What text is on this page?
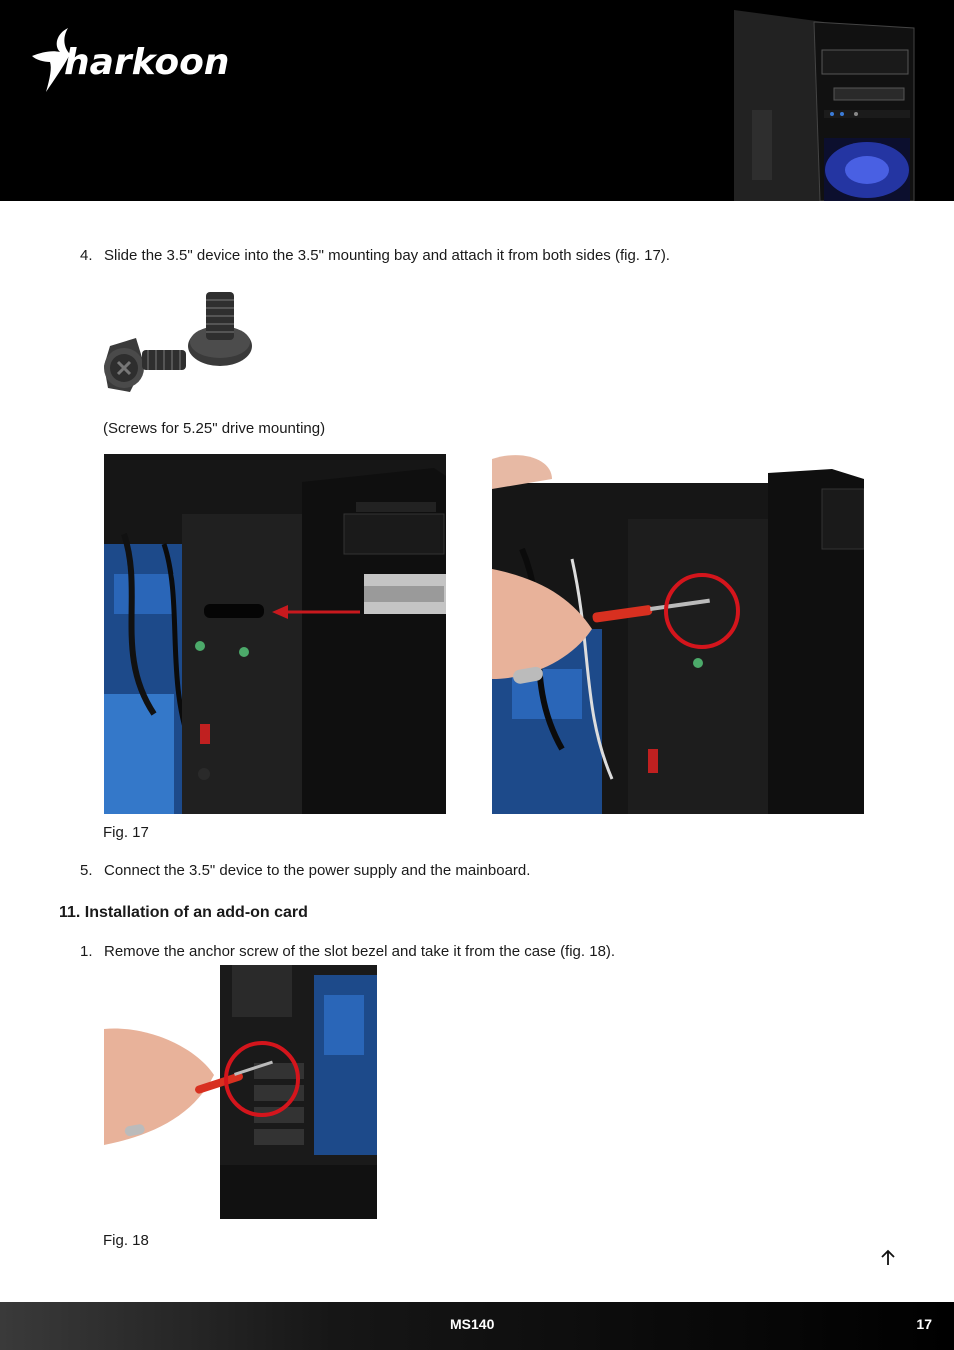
harkoon
4. Slide the 3.5" device into the 3.5" mounting bay and attach it from both sides (fig. 17).
(Screws for 5.25" drive mounting)
Fig. 17
5. Connect the 3.5" device to the power supply and the mainboard.
11. Installation of an add-on card
1. Remove the anchor screw of the slot bezel and take it from the case (fig. 18).
Fig. 18
MS140	17
